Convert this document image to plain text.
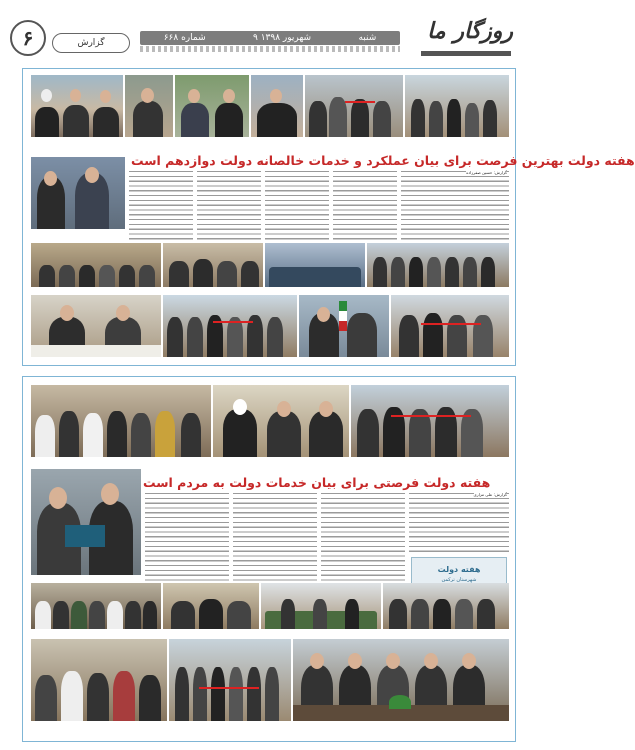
۶	گزارش	شماره ۶۶۸	۹ شهریور ۱۳۹۸	شنبه	روزگار ما
هفته دولت بهترین فرصت برای بیان عملکرد و خدمات خالصانه دولت دوازدهم است
گزارش: حسین صفرزاده
هفته دولت فرصتی برای بیان خدمات دولت به مردم است
گزارش: علی مزاری
هفته دولت
شهرستان ترکمن
